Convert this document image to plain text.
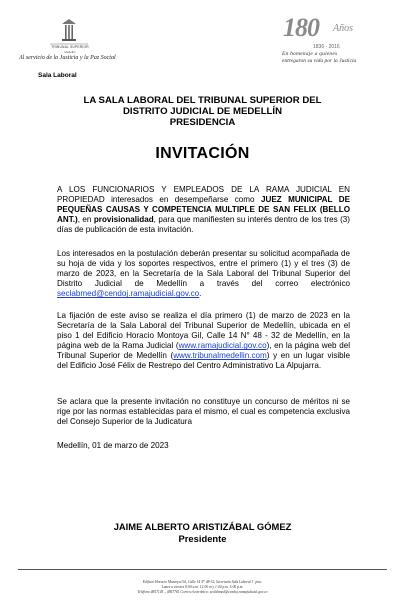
TRIBUNAL SUPERIOR
Medellín
Al servicio de la Justicia y la Paz Social
Sala Laboral
180 Años
1836 - 2016
En homenaje a quienes
entregaron su vida por la Justicia
LA SALA LABORAL DEL TRIBUNAL SUPERIOR DEL
DISTRITO JUDICIAL DE MEDELLÍN
PRESIDENCIA
INVITACIÓN
A LOS FUNCIONARIOS Y EMPLEADOS DE LA RAMA JUDICIAL EN PROPIEDAD interesados en desempeñarse como JUEZ MUNICIPAL DE PEQUEÑAS CAUSAS Y COMPETENCIA MULTIPLE DE SAN FELIX (BELLO ANT.), en provisionalidad, para que manifiesten su interés dentro de los tres (3) días de publicación de esta invitación.
Los interesados en la postulación deberán presentar su solicitud acompañada de su hoja de vida y los soportes respectivos, entre el primero (1) y el tres (3) de marzo de 2023, en la Secretaría de la Sala Laboral del Tribunal Superior del Distrito Judicial de Medellín a través del correo electrónico seclabmed@cendoj.ramajudicial.gov.co.
La fijación de este aviso se realiza el día primero (1) de marzo de 2023 en la Secretaría de la Sala Laboral del Tribunal Superior de Medellín, ubicada en el piso 1 del Edificio Horacio Montoya Gil, Calle 14 N° 48 - 32 de Medellín, en la página web de la Rama Judicial (www.ramajudicial.gov.co), en la página web del Tribunal Superior de Medellín (www.tribunalmedellin.com) y en un lugar visible del Edificio José Félix de Restrepo del Centro Administrativo La Alpujarra.
Se aclara que la presente invitación no constituye un concurso de méritos ni se rige por las normas establecidas para el mismo, el cual es competencia exclusiva del Consejo Superior de la Judicatura
Medellín, 01 de marzo de 2023
JAIME ALBERTO ARISTIZÁBAL GÓMEZ
Presidente
Edificio Horacio Montoya Gil, Calle 14 N° 48-32, Secretaría Sala Laboral 1º piso.
Lunes a viernes 8:00 a.m. 12:00 m y 1:00 p.m. 5:00 p.m.
Teléfono 4857145 – 4857761 Correo electrónico: seclabmed@cendoj.ramajudicial.gov.co
